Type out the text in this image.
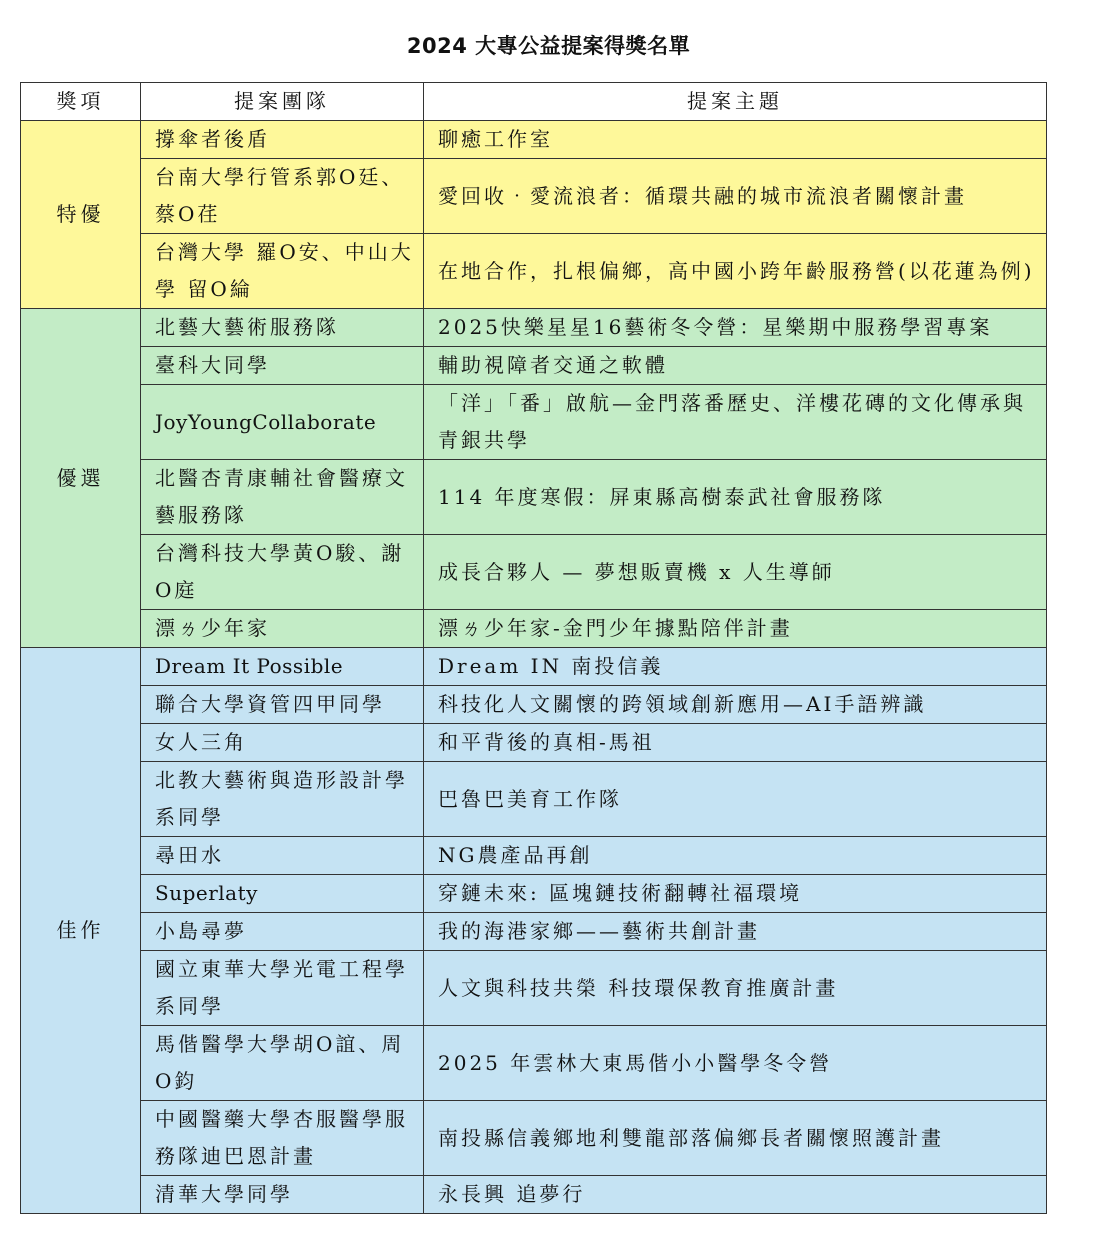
2024 大專公益提案得獎名單
獎項	提案團隊	提案主題
特優	撐傘者後盾	聊癒工作室
	台南大學行管系郭O廷、蔡O荏	愛回收‧愛流浪者：循環共融的城市流浪者關懷計畫
	台灣大學 羅O安、中山大學 留O綸	在地合作，扎根偏鄉，高中國小跨年齡服務營(以花蓮為例)
優選	北藝大藝術服務隊	2025快樂星星16藝術冬令營：星樂期中服務學習專案
	臺科大同學	輔助視障者交通之軟體
	JoyYoungCollaborate	「洋」「番」啟航—金門落番歷史、洋樓花磚的文化傳承與青銀共學
	北醫杏青康輔社會醫療文藝服務隊	114 年度寒假：屏東縣高樹泰武社會服務隊
	台灣科技大學黃O駿、謝O庭	成長合夥人 — 夢想販賣機 x 人生導師
	漂ㄌ少年家	漂ㄌ少年家-金門少年據點陪伴計畫
佳作	Dream It Possible	Dream IN 南投信義
	聯合大學資管四甲同學	科技化人文關懷的跨領域創新應用—AI手語辨識
	女人三角	和平背後的真相-馬祖
	北教大藝術與造形設計學系同學	巴魯巴美育工作隊
	尋田水	NG農產品再創
	Superlaty	穿鏈未來: 區塊鏈技術翻轉社福環境
	小島尋夢	我的海港家鄉——藝術共創計畫
	國立東華大學光電工程學系同學	人文與科技共榮 科技環保教育推廣計畫
	馬偕醫學大學胡O誼、周O鈞	2025 年雲林大東馬偕小小醫學冬令營
	中國醫藥大學杏服醫學服務隊迪巴恩計畫	南投縣信義鄉地利雙龍部落偏鄉長者關懷照護計畫
	清華大學同學	永長興 追夢行
